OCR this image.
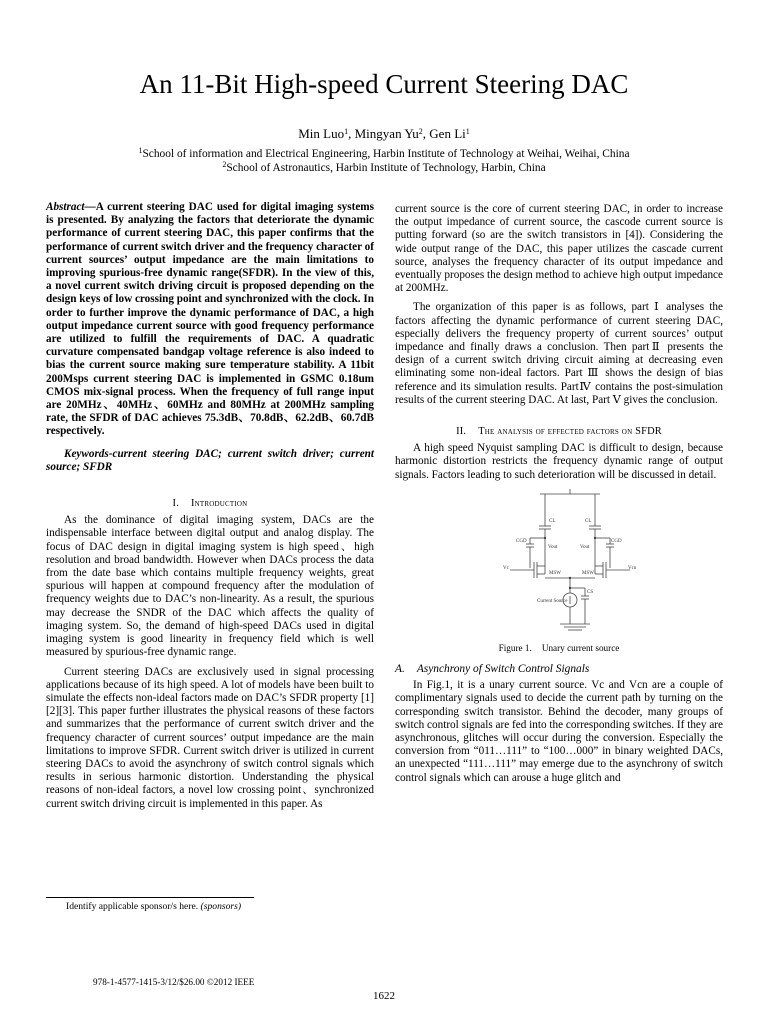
An 11-Bit High-speed Current Steering DAC
Min Luo$^1$, Mingyan Yu$^2$, Gen Li$^1$
$^1$School of information and Electrical Engineering, Harbin Institute of Technology at Weihai, Weihai, China
$^2$School of Astronautics, Harbin Institute of Technology, Harbin, China

Abstract—A current steering DAC used for digital imaging systems is presented. By analyzing the factors that deteriorate the dynamic performance of current steering DAC, this paper confirms that the performance of current switch driver and the frequency character of current sources’ output impedance are the main limitations to improving spurious-free dynamic range(SFDR). In the view of this, a novel current switch driving circuit is proposed depending on the design keys of low crossing point and synchronized with the clock. In order to further improve the dynamic performance of DAC, a high output impedance current source with good frequency performance are utilized to fulfill the requirements of DAC. A quadratic curvature compensated bandgap voltage reference is also indeed to bias the current source making sure temperature stability. A 11bit 200Msps current steering DAC is implemented in GSMC 0.18um CMOS mix-signal process. When the frequency of full range input are 20MHz、40MHz、60MHz and 80MHz at 200MHz sampling rate, the SFDR of DAC achieves 75.3dB、70.8dB、62.2dB、60.7dB respectively.

Keywords-current steering DAC; current switch driver; current source; SFDR

I. Introduction

As the dominance of digital imaging system, DACs are the indispensable interface between digital output and analog display. The focus of DAC design in digital imaging system is high speed、high resolution and broad bandwidth. However when DACs process the data from the date base which contains multiple frequency weights, great spurious will happen at compound frequency after the modulation of frequency weights due to DAC’s non-linearity. As a result, the spurious may decrease the SNDR of the DAC which affects the quality of imaging system. So, the demand of high-speed DACs used in digital imaging system is good linearity in frequency field which is well measured by spurious-free dynamic range.

Current steering DACs are exclusively used in signal processing applications because of its high speed. A lot of models have been built to simulate the effects non-ideal factors made on DAC’s SFDR property [1][2][3]. This paper further illustrates the physical reasons of these factors and summarizes that the performance of current switch driver and the frequency character of current sources’ output impedance are the main limitations to improve SFDR. Current switch driver is utilized in current steering DACs to avoid the asynchrony of switch control signals which results in serious harmonic distortion. Understanding the physical reasons of non-ideal factors, a novel low crossing point、synchronized current switch driving circuit is implemented in this paper. As

current source is the core of current steering DAC, in order to increase the output impedance of current source, the cascode current source is putting forward (so are the switch transistors in [4]). Considering the wide output range of the DAC, this paper utilizes the cascade current source, analyses the frequency character of its output impedance and eventually proposes the design method to achieve high output impedance at 200MHz.

The organization of this paper is as follows, part Ⅰ analyses the factors affecting the dynamic performance of current steering DAC, especially delivers the frequency property of current sources’ output impedance and finally draws a conclusion. Then partⅡ presents the design of a current switch driving circuit aiming at decreasing even eliminating some non-ideal factors. Part Ⅲ shows the design of bias reference and its simulation results. PartⅣ contains the post-simulation results of the current steering DAC. At last, Part Ⅴ gives the conclusion.

II. The analysis of effected factors on SFDR

A high speed Nyquist sampling DAC is difficult to design, because harmonic distortion restricts the frequency dynamic range of output signals. Factors leading to such deterioration will be discussed in detail.

CL	CL
CGD	CGD
Vout	Vout
Vc	Vcn
MSW	MSW
CS
Current Source
Figure 1. Unary current source
A. Asynchrony of Switch Control Signals

In Fig.1, it is a unary current source. Vc and Vcn are a couple of complimentary signals used to decide the current path by turning on the corresponding switch transistor. Behind the decoder, many groups of switch control signals are fed into the corresponding switches. If they are asynchronous, glitches will occur during the conversion. Especially the conversion from “011…111” to “100…000” in binary weighted DACs, an unexpected “111…111” may emerge due to the asynchrony of switch control signals which can arouse a huge glitch and

Identify applicable sponsor/s here. (sponsors)
978-1-4577-1415-3/12/$26.00 ©2012 IEEE
1622
